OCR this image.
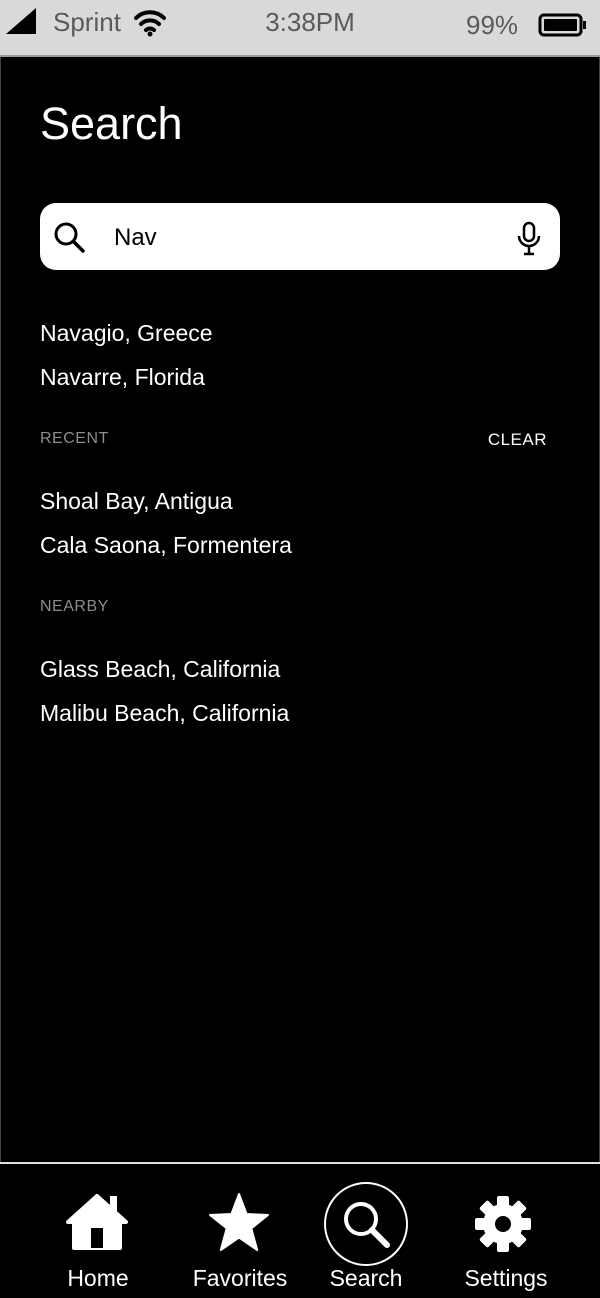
Sprint	3:38PM	99%
Search
Nav
Navagio, Greece
Navarre, Florida
RECENT	CLEAR
Shoal Bay, Antigua
Cala Saona, Formentera
NEARBY
Glass Beach, California
Malibu Beach, California
Home	Favorites	Search	Settings
